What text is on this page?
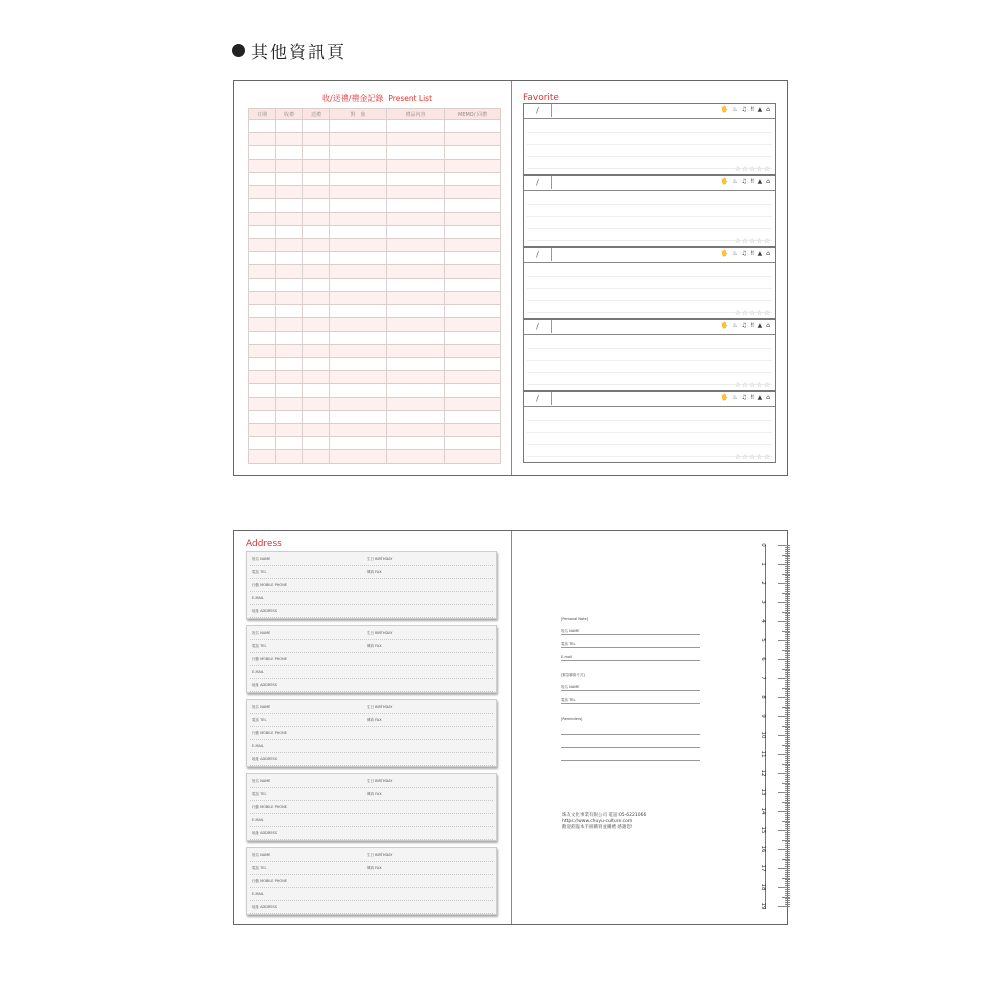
其他資訊頁
收/送禮/禮金記錄 Present List
日期	收禮	送禮	對　象	禮品內容	MEMO/ 回禮

Favorite
/	🖐 ♨ ♫ ‼ ▲ ⌂
☆☆☆☆☆
/	🖐 ♨ ♫ ‼ ▲ ⌂
☆☆☆☆☆
/	🖐 ♨ ♫ ‼ ▲ ⌂
☆☆☆☆☆
/	🖐 ♨ ♫ ‼ ▲ ⌂
☆☆☆☆☆
/	🖐 ♨ ♫ ‼ ▲ ⌂
☆☆☆☆☆
Address
姓名 NAME	生日 BIRTHDAY
電話 TEL	傳真 FAX
行動 MOBILE PHONE
E-MAIL
地址 ADDRESS
姓名 NAME	生日 BIRTHDAY
電話 TEL	傳真 FAX
行動 MOBILE PHONE
E-MAIL
地址 ADDRESS
姓名 NAME	生日 BIRTHDAY
電話 TEL	傳真 FAX
行動 MOBILE PHONE
E-MAIL
地址 ADDRESS
姓名 NAME	生日 BIRTHDAY
電話 TEL	傳真 FAX
行動 MOBILE PHONE
E-MAIL
地址 ADDRESS
姓名 NAME	生日 BIRTHDAY
電話 TEL	傳真 FAX
行動 MOBILE PHONE
E-MAIL
地址 ADDRESS
[Personal Note]
姓名 NAME
電話 TEL
E-mail
[緊急聯絡方式]
姓名 NAME
電話 TEL
[Reminders]
珠友文化事業有限公司 電話:05-6221066
https://www.chuyu-culture.com
歡迎蒞臨本手冊購買並購禮 感謝您!
0
1
2
3
4
5
6
7
8
9
10
11
12
13
14
15
16
17
18
19
